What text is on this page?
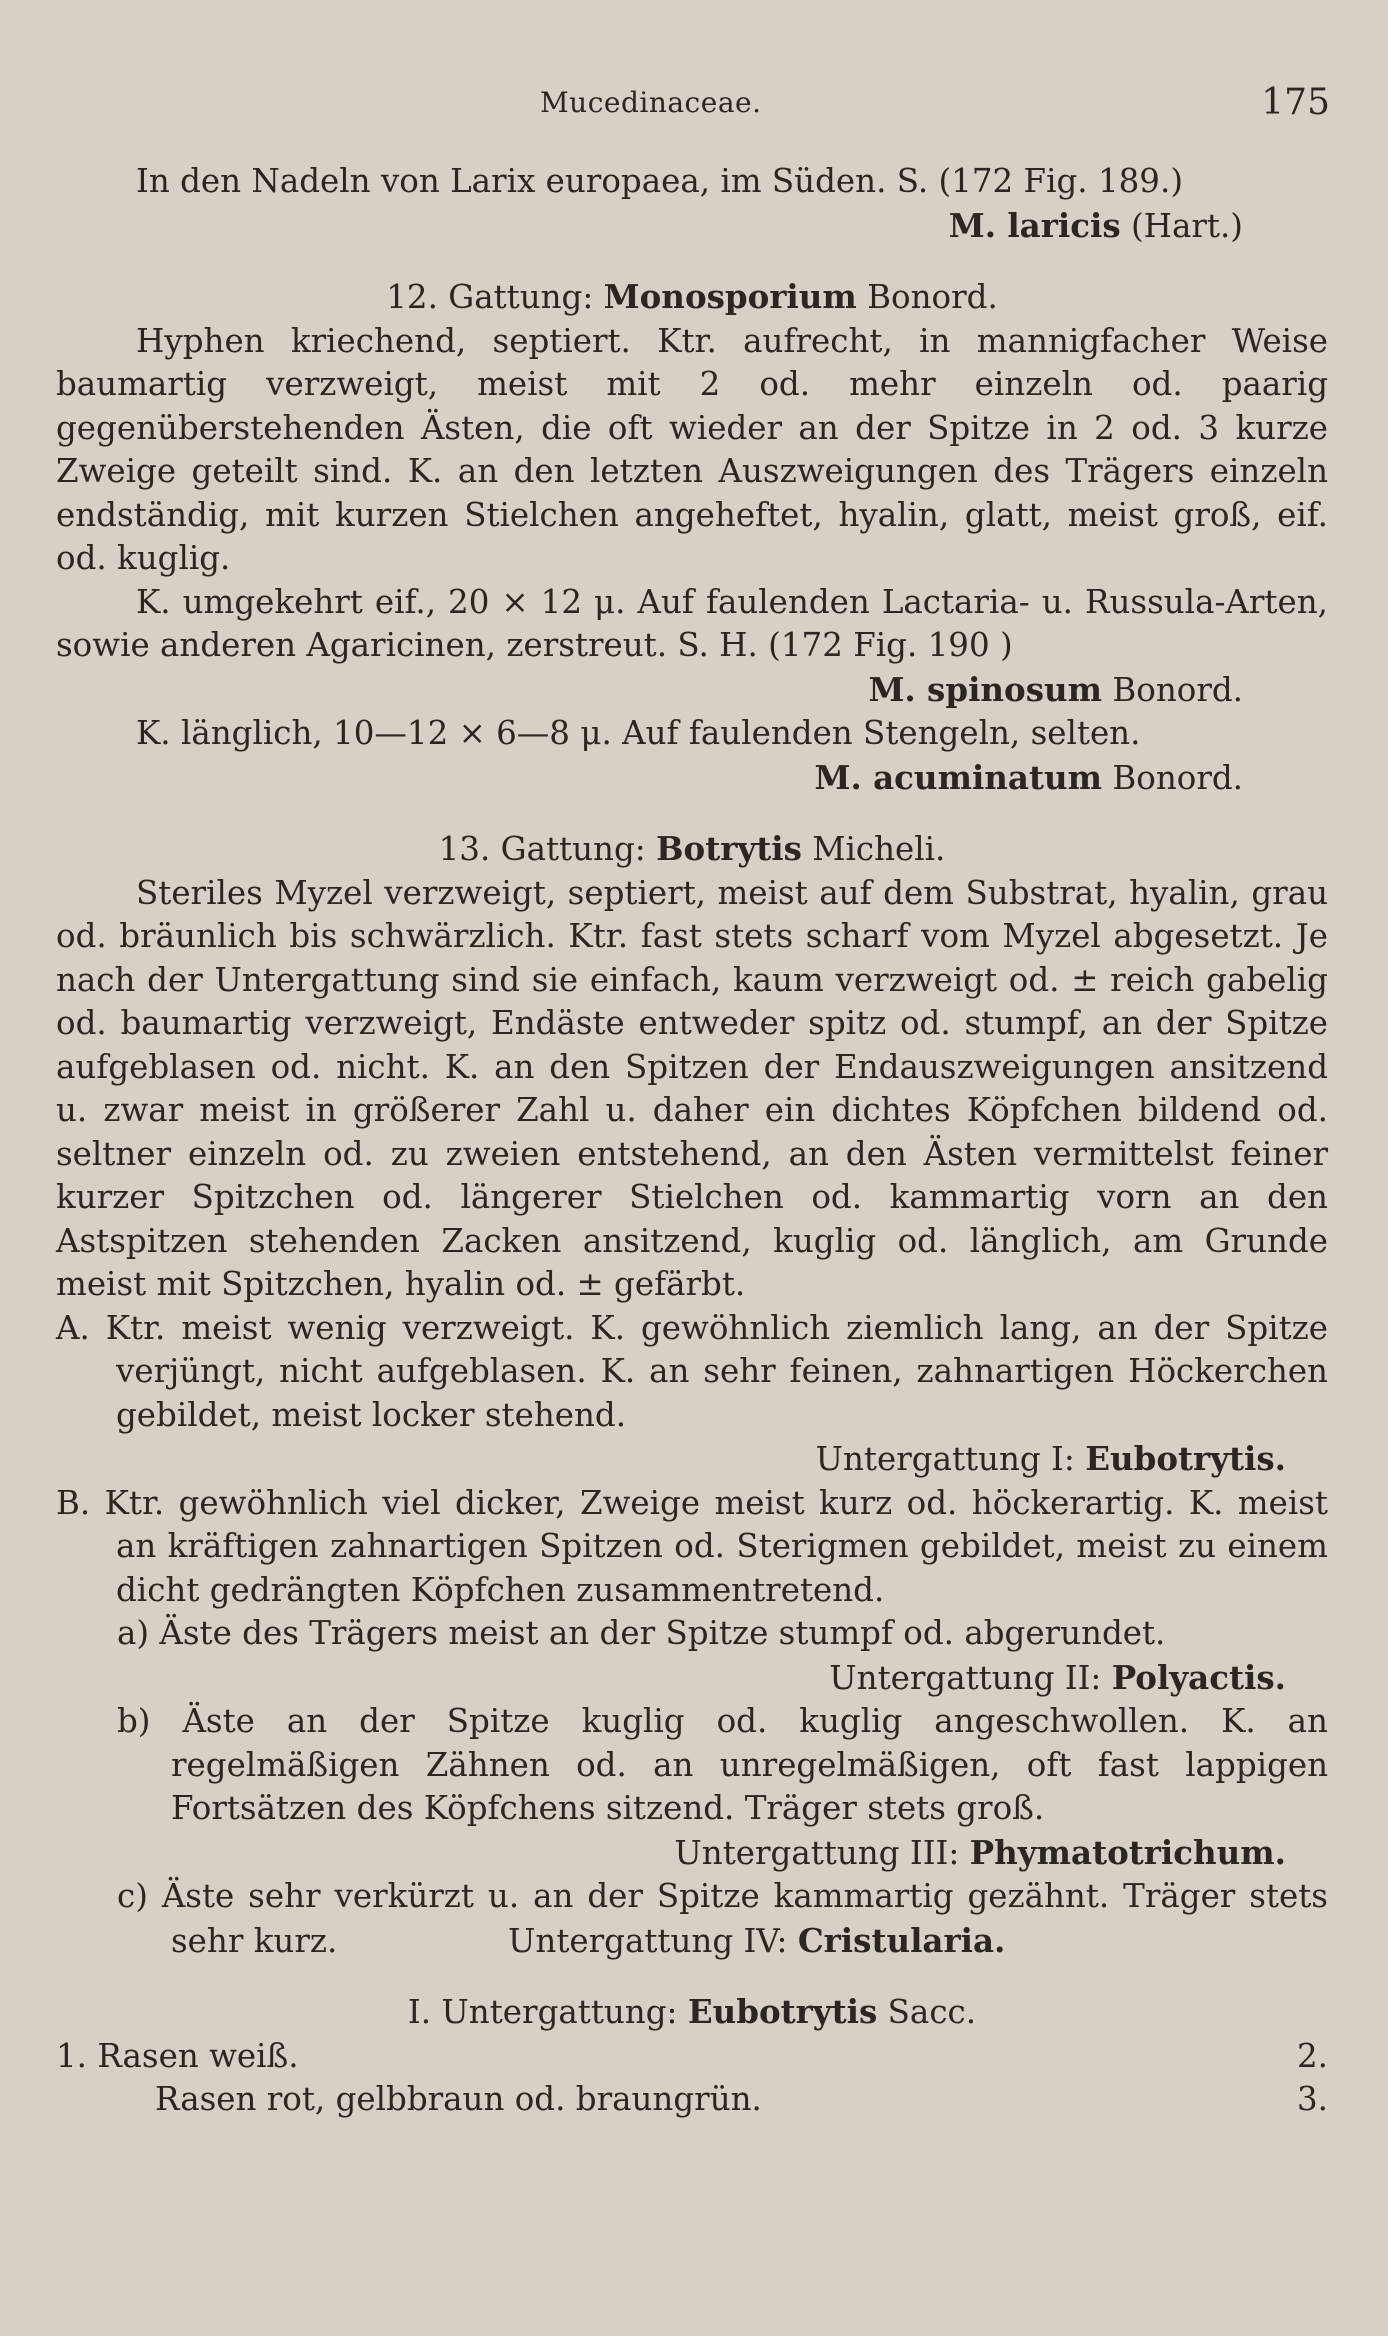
Mucedinaceae.	175

In den Nadeln von Larix europaea, im Süden. S. (172 Fig. 189.)

M. laricis (Hart.)

12. Gattung: Monosporium Bonord.

Hyphen kriechend, septiert. Ktr. aufrecht, in mannigfacher Weise baumartig verzweigt, meist mit 2 od. mehr einzeln od. paarig gegenüberstehenden Ästen, die oft wieder an der Spitze in 2 od. 3 kurze Zweige geteilt sind. K. an den letzten Auszweigungen des Trägers einzeln endständig, mit kurzen Stielchen angeheftet, hyalin, glatt, meist groß, eif. od. kuglig.

K. umgekehrt eif., 20 × 12 μ. Auf faulenden Lactaria- u. Russula-Arten, sowie anderen Agaricinen, zerstreut. S. H. (172 Fig. 190 )

M. spinosum Bonord.

K. länglich, 10—12 × 6—8 μ. Auf faulenden Stengeln, selten.

M. acuminatum Bonord.

13. Gattung: Botrytis Micheli.

Steriles Myzel verzweigt, septiert, meist auf dem Substrat, hyalin, grau od. bräunlich bis schwärzlich. Ktr. fast stets scharf vom Myzel abgesetzt. Je nach der Untergattung sind sie einfach, kaum verzweigt od. ± reich gabelig od. baumartig verzweigt, Endäste entweder spitz od. stumpf, an der Spitze aufgeblasen od. nicht. K. an den Spitzen der Endauszweigungen ansitzend u. zwar meist in größerer Zahl u. daher ein dichtes Köpfchen bildend od. seltner einzeln od. zu zweien entstehend, an den Ästen vermittelst feiner kurzer Spitzchen od. längerer Stielchen od. kammartig vorn an den Astspitzen stehenden Zacken ansitzend, kuglig od. länglich, am Grunde meist mit Spitzchen, hyalin od. ± gefärbt.

A. Ktr. meist wenig verzweigt. K. gewöhnlich ziemlich lang, an der Spitze verjüngt, nicht aufgeblasen. K. an sehr feinen, zahnartigen Höckerchen gebildet, meist locker stehend.

Untergattung I: Eubotrytis.

B. Ktr. gewöhnlich viel dicker, Zweige meist kurz od. höckerartig. K. meist an kräftigen zahnartigen Spitzen od. Sterigmen gebildet, meist zu einem dicht gedrängten Köpfchen zusammentretend.

a) Äste des Trägers meist an der Spitze stumpf od. abgerundet.

Untergattung II: Polyactis.

b) Äste an der Spitze kuglig od. kuglig angeschwollen. K. an regelmäßigen Zähnen od. an unregelmäßigen, oft fast lappigen Fortsätzen des Köpfchens sitzend. Träger stets groß.

Untergattung III: Phymatotrichum.

c) Äste sehr verkürzt u. an der Spitze kammartig gezähnt. Träger stets sehr kurz.	Untergattung IV: Cristularia.

I. Untergattung: Eubotrytis Sacc.

1. Rasen weiß.	2.
Rasen rot, gelbbraun od. braungrün.	3.
